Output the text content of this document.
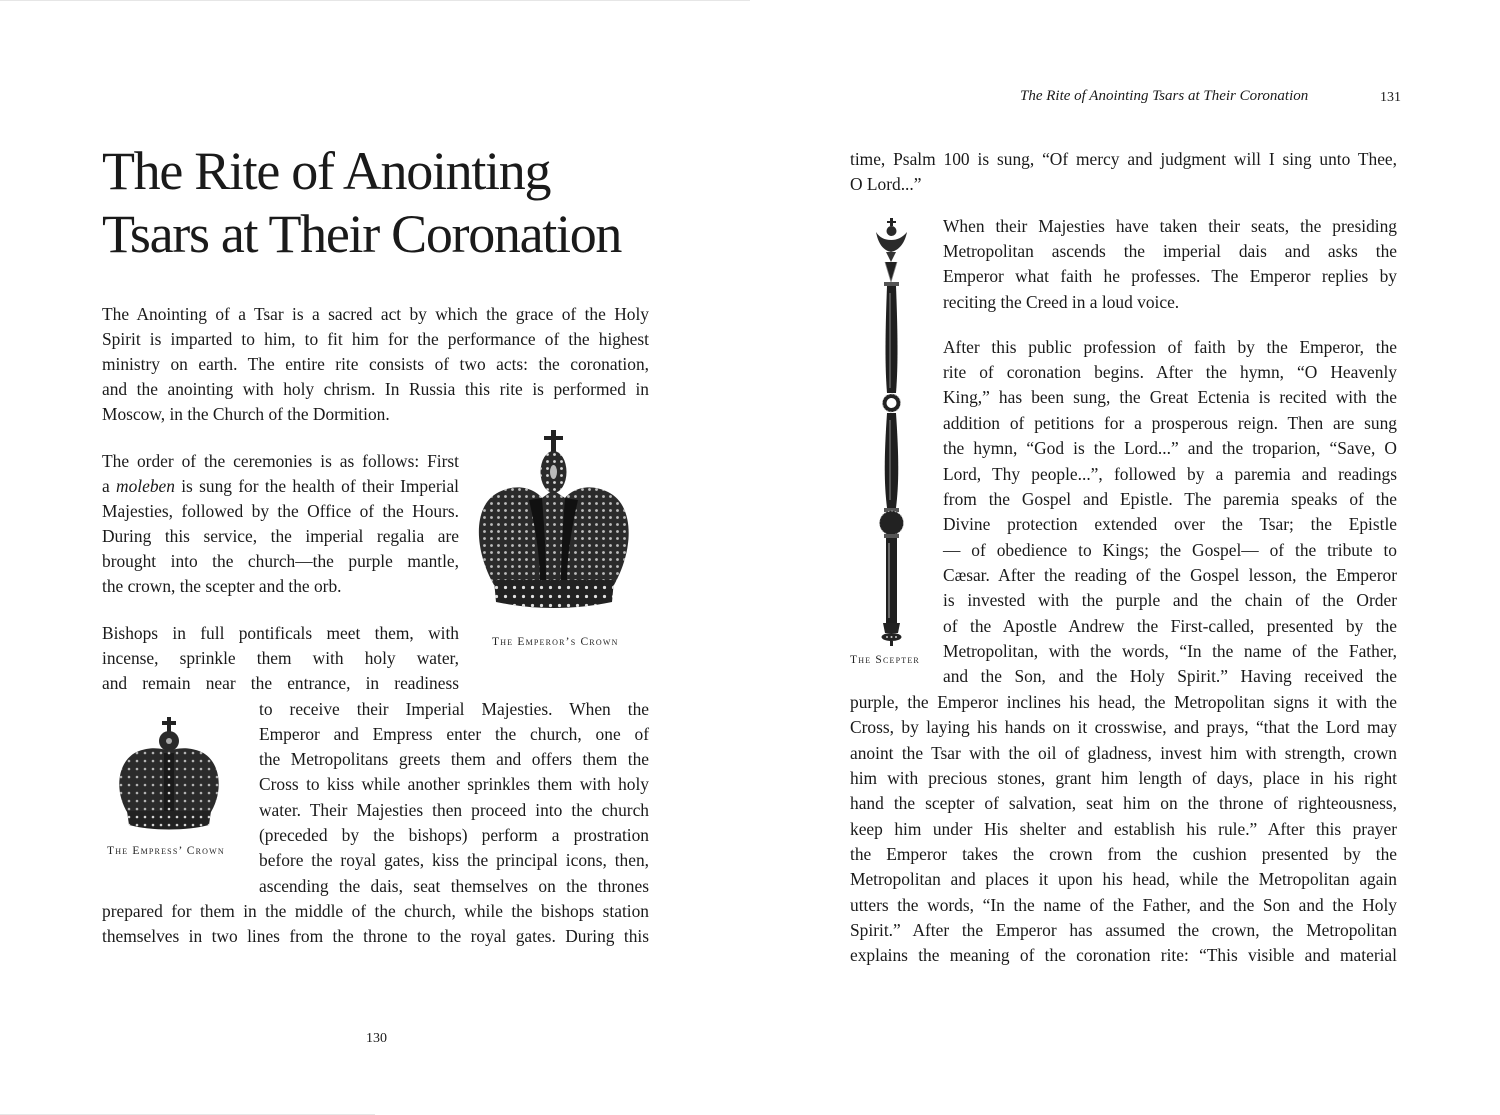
The Rite of Anointing
Tsars at Their Coronation
The Anointing of a Tsar is a sacred act by which the grace of the Holy
Spirit is imparted to him, to fit him for the performance of the highest
ministry on earth. The entire rite consists of two acts: the coronation,
and the anointing with holy chrism. In Russia this rite is performed in
Moscow, in the Church of the Dormition.
The order of the ceremonies is as follows: First
a moleben is sung for the health of their Imperial
Majesties, followed by the Office of the Hours.
During this service, the imperial regalia are
brought into the church—the purple mantle,
the crown, the scepter and the orb.
Bishops in full pontificals meet them, with
incense, sprinkle them with holy water,
and remain near the entrance, in readiness
to receive their Imperial Majesties. When the
Emperor and Empress enter the church, one of
the Metropolitans greets them and offers them the
Cross to kiss while another sprinkles them with holy
water. Their Majesties then proceed into the church
(preceded by the bishops) perform a prostration
before the royal gates, kiss the principal icons, then,
ascending the dais, seat themselves on the thrones
prepared for them in the middle of the church, while the bishops station
themselves in two lines from the throne to the royal gates. During this
The Emperor’s Crown
The Empress’ Crown
130
The Rite of Anointing Tsars at Their Coronation	131
time, Psalm 100 is sung, “Of mercy and judgment will I sing unto Thee,
O Lord...”
When their Majesties have taken their seats, the presiding
Metropolitan ascends the imperial dais and asks the
Emperor what faith he professes. The Emperor replies by
reciting the Creed in a loud voice.
After this public profession of faith by the Emperor, the
rite of coronation begins. After the hymn, “O Heavenly
King,” has been sung, the Great Ectenia is recited with the
addition of petitions for a prosperous reign. Then are sung
the hymn, “God is the Lord...” and the troparion, “Save, O
Lord, Thy people...”, followed by a paremia and readings
from the Gospel and Epistle. The paremia speaks of the
Divine protection extended over the Tsar; the Epistle
— of obedience to Kings; the Gospel— of the tribute to
Cæsar. After the reading of the Gospel lesson, the Emperor
is invested with the purple and the chain of the Order
of the Apostle Andrew the First-called, presented by the
Metropolitan, with the words, “In the name of the Father,
and the Son, and the Holy Spirit.” Having received the
purple, the Emperor inclines his head, the Metropolitan signs it with the
Cross, by laying his hands on it crosswise, and prays, “that the Lord may
anoint the Tsar with the oil of gladness, invest him with strength, crown
him with precious stones, grant him length of days, place in his right
hand the scepter of salvation, seat him on the throne of righteousness,
keep him under His shelter and establish his rule.” After this prayer
the Emperor takes the crown from the cushion presented by the
Metropolitan and places it upon his head, while the Metropolitan again
utters the words, “In the name of the Father, and the Son and the Holy
Spirit.” After the Emperor has assumed the crown, the Metropolitan
explains the meaning of the coronation rite: “This visible and material
The Scepter
